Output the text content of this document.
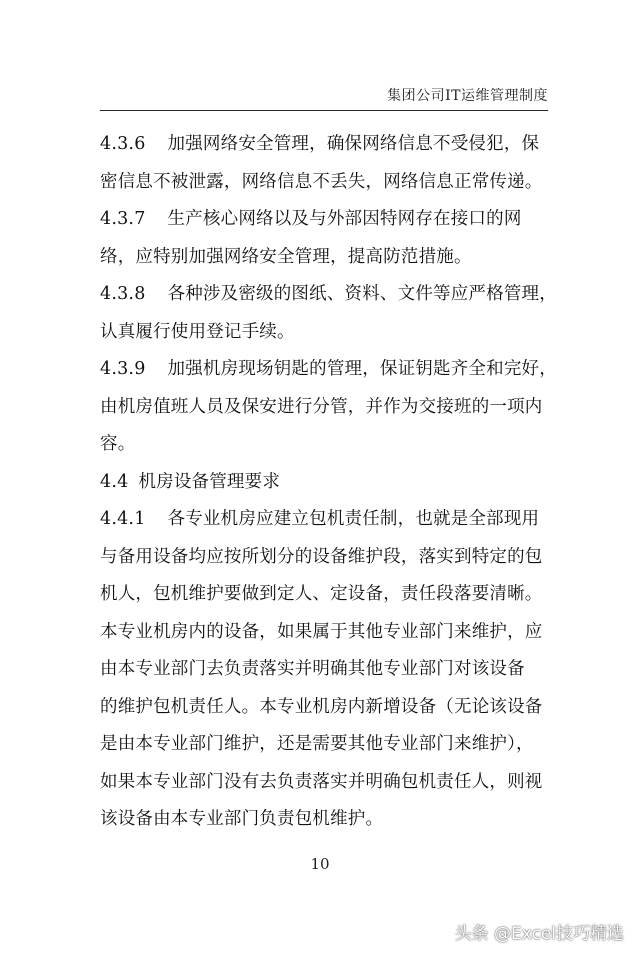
集团公司IT运维管理制度
4.3.6 加强网络安全管理，确保网络信息不受侵犯，保
密信息不被泄露，网络信息不丢失，网络信息正常传递。
4.3.7 生产核心网络以及与外部因特网存在接口的网
络，应特别加强网络安全管理，提高防范措施。
4.3.8 各种涉及密级的图纸、资料、文件等应严格管理，
认真履行使用登记手续。
4.3.9 加强机房现场钥匙的管理，保证钥匙齐全和完好，
由机房值班人员及保安进行分管，并作为交接班的一项内
容。
4.4 机房设备管理要求
4.4.1 各专业机房应建立包机责任制，也就是全部现用
与备用设备均应按所划分的设备维护段，落实到特定的包
机人，包机维护要做到定人、定设备，责任段落要清晰。
本专业机房内的设备，如果属于其他专业部门来维护，应
由本专业部门去负责落实并明确其他专业部门对该设备
的维护包机责任人。本专业机房内新增设备（无论该设备
是由本专业部门维护，还是需要其他专业部门来维护），
如果本专业部门没有去负责落实并明确包机责任人，则视
该设备由本专业部门负责包机维护。
10
头条 @Excel技巧精选
